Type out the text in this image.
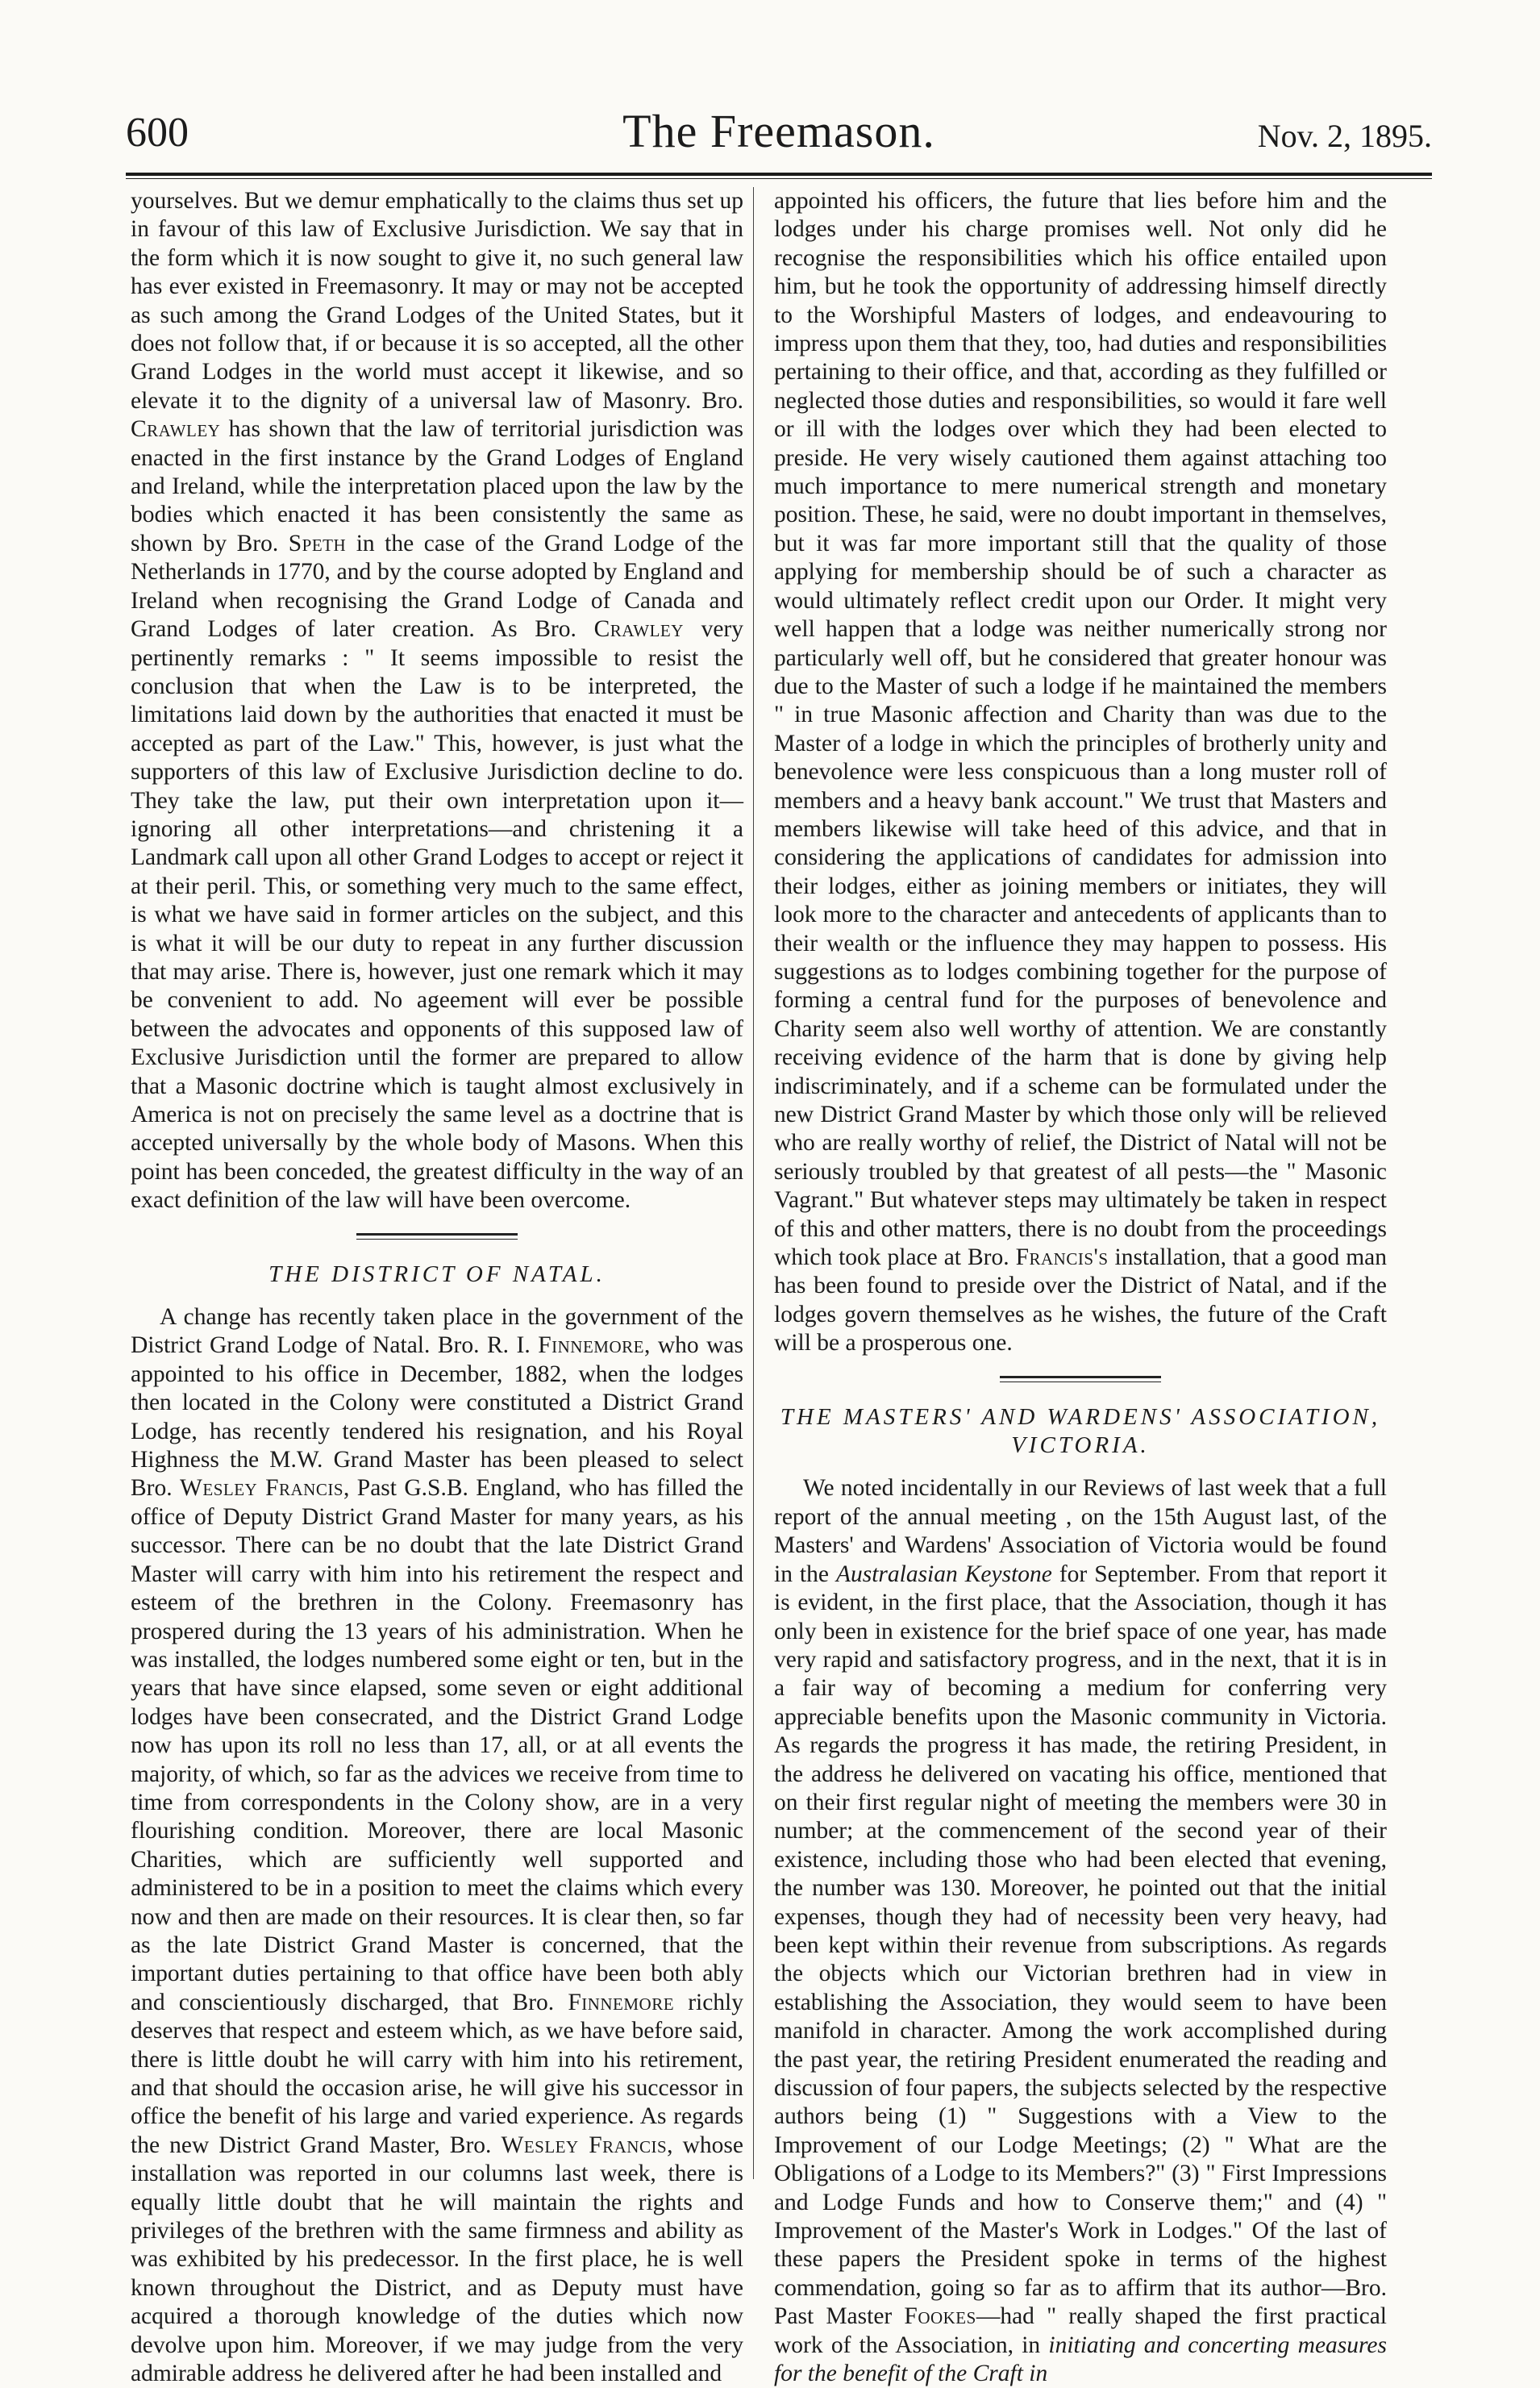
600	The Freemason.	Nov. 2, 1895.

yourselves. But we demur emphatically to the claims thus set up in favour of this law of Exclusive Jurisdiction. We say that in the form which it is now sought to give it, no such general law has ever existed in Freemasonry. It may or may not be accepted as such among the Grand Lodges of the United States, but it does not follow that, if or because it is so accepted, all the other Grand Lodges in the world must accept it likewise, and so elevate it to the dignity of a universal law of Masonry. Bro. Crawley has shown that the law of territorial jurisdiction was enacted in the first instance by the Grand Lodges of England and Ireland, while the interpretation placed upon the law by the bodies which enacted it has been consistently the same as shown by Bro. Speth in the case of the Grand Lodge of the Netherlands in 1770, and by the course adopted by England and Ireland when recognising the Grand Lodge of Canada and Grand Lodges of later creation. As Bro. Crawley very pertinently remarks : " It seems impossible to resist the conclusion that when the Law is to be interpreted, the limitations laid down by the authorities that enacted it must be accepted as part of the Law." This, however, is just what the supporters of this law of Exclusive Jurisdiction decline to do. They take the law, put their own interpretation upon it—ignoring all other interpretations—and christening it a Landmark call upon all other Grand Lodges to accept or reject it at their peril. This, or something very much to the same effect, is what we have said in former articles on the subject, and this is what it will be our duty to repeat in any further discussion that may arise. There is, however, just one remark which it may be convenient to add. No ageement will ever be possible between the advocates and opponents of this supposed law of Exclusive Jurisdiction until the former are prepared to allow that a Masonic doctrine which is taught almost exclusively in America is not on precisely the same level as a doctrine that is accepted universally by the whole body of Masons. When this point has been conceded, the greatest difficulty in the way of an exact definition of the law will have been overcome.

THE DISTRICT OF NATAL.

A change has recently taken place in the government of the District Grand Lodge of Natal. Bro. R. I. Finnemore, who was appointed to his office in December, 1882, when the lodges then located in the Colony were constituted a District Grand Lodge, has recently tendered his resignation, and his Royal Highness the M.W. Grand Master has been pleased to select Bro. Wesley Francis, Past G.S.B. England, who has filled the office of Deputy District Grand Master for many years, as his successor. There can be no doubt that the late District Grand Master will carry with him into his retirement the respect and esteem of the brethren in the Colony. Freemasonry has prospered during the 13 years of his administration. When he was installed, the lodges numbered some eight or ten, but in the years that have since elapsed, some seven or eight additional lodges have been consecrated, and the District Grand Lodge now has upon its roll no less than 17, all, or at all events the majority, of which, so far as the advices we receive from time to time from correspondents in the Colony show, are in a very flourishing condition. Moreover, there are local Masonic Charities, which are sufficiently well supported and administered to be in a position to meet the claims which every now and then are made on their resources. It is clear then, so far as the late District Grand Master is concerned, that the important duties pertaining to that office have been both ably and conscientiously discharged, that Bro. Finnemore richly deserves that respect and esteem which, as we have before said, there is little doubt he will carry with him into his retirement, and that should the occasion arise, he will give his successor in office the benefit of his large and varied experience. As regards the new District Grand Master, Bro. Wesley Francis, whose installation was reported in our columns last week, there is equally little doubt that he will maintain the rights and privileges of the brethren with the same firmness and ability as was exhibited by his predecessor. In the first place, he is well known throughout the District, and as Deputy must have acquired a thorough knowledge of the duties which now devolve upon him. Moreover, if we may judge from the very admirable address he delivered after he had been installed and

appointed his officers, the future that lies before him and the lodges under his charge promises well. Not only did he recognise the responsibilities which his office entailed upon him, but he took the opportunity of addressing himself directly to the Worshipful Masters of lodges, and endeavouring to impress upon them that they, too, had duties and responsibilities pertaining to their office, and that, according as they fulfilled or neglected those duties and responsibilities, so would it fare well or ill with the lodges over which they had been elected to preside. He very wisely cautioned them against attaching too much importance to mere numerical strength and monetary position. These, he said, were no doubt important in themselves, but it was far more important still that the quality of those applying for membership should be of such a character as would ultimately reflect credit upon our Order. It might very well happen that a lodge was neither numerically strong nor particularly well off, but he considered that greater honour was due to the Master of such a lodge if he maintained the members " in true Masonic affection and Charity than was due to the Master of a lodge in which the principles of brotherly unity and benevolence were less conspicuous than a long muster roll of members and a heavy bank account." We trust that Masters and members likewise will take heed of this advice, and that in considering the applications of candidates for admission into their lodges, either as joining members or initiates, they will look more to the character and antecedents of applicants than to their wealth or the influence they may happen to possess. His suggestions as to lodges combining together for the purpose of forming a central fund for the purposes of benevolence and Charity seem also well worthy of attention. We are constantly receiving evidence of the harm that is done by giving help indiscriminately, and if a scheme can be formulated under the new District Grand Master by which those only will be relieved who are really worthy of relief, the District of Natal will not be seriously troubled by that greatest of all pests—the " Masonic Vagrant." But whatever steps may ultimately be taken in respect of this and other matters, there is no doubt from the proceedings which took place at Bro. Francis's installation, that a good man has been found to preside over the District of Natal, and if the lodges govern themselves as he wishes, the future of the Craft will be a prosperous one.

THE MASTERS' AND WARDENS' ASSOCIATION, VICTORIA.

We noted incidentally in our Reviews of last week that a full report of the annual meeting , on the 15th August last, of the Masters' and Wardens' Association of Victoria would be found in the Australasian Keystone for September. From that report it is evident, in the first place, that the Association, though it has only been in existence for the brief space of one year, has made very rapid and satisfactory progress, and in the next, that it is in a fair way of becoming a medium for conferring very appreciable benefits upon the Masonic community in Victoria. As regards the progress it has made, the retiring President, in the address he delivered on vacating his office, mentioned that on their first regular night of meeting the members were 30 in number; at the commencement of the second year of their existence, including those who had been elected that evening, the number was 130. Moreover, he pointed out that the initial expenses, though they had of necessity been very heavy, had been kept within their revenue from subscriptions. As regards the objects which our Victorian brethren had in view in establishing the Association, they would seem to have been manifold in character. Among the work accomplished during the past year, the retiring President enumerated the reading and discussion of four papers, the subjects selected by the respective authors being (1) " Suggestions with a View to the Improvement of our Lodge Meetings; (2) " What are the Obligations of a Lodge to its Members?" (3) " First Impressions and Lodge Funds and how to Conserve them;" and (4) " Improvement of the Master's Work in Lodges." Of the last of these papers the President spoke in terms of the highest commendation, going so far as to affirm that its author—Bro. Past Master Fookes—had " really shaped the first practical work of the Association, in initiating and concerting measures for the benefit of the Craft in
